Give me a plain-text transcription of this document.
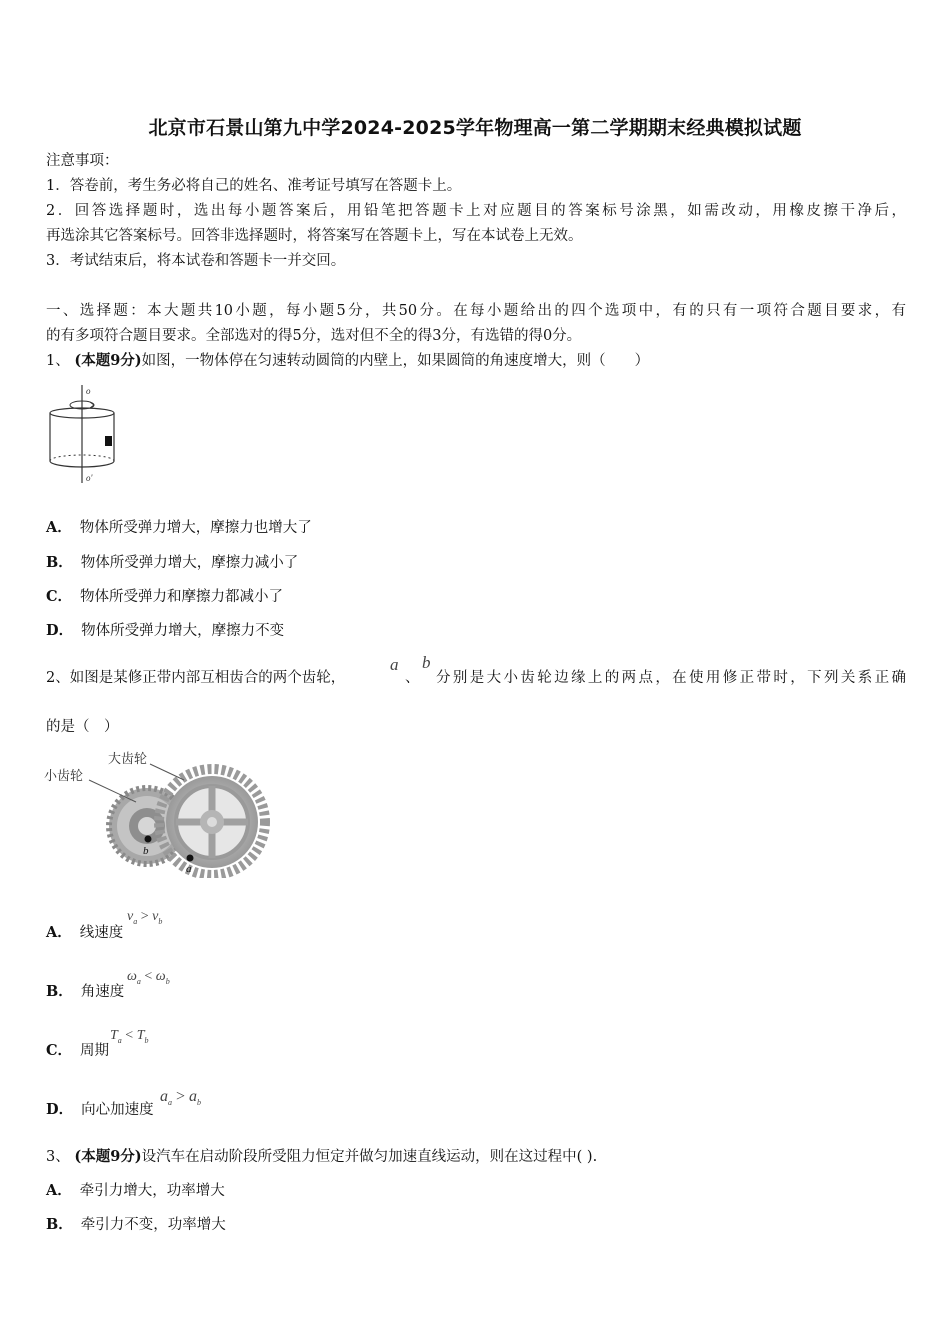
北京市石景山第九中学2024-2025学年物理高一第二学期期末经典模拟试题
注意事项：
1．答卷前，考生务必将自己的姓名、准考证号填写在答题卡上。
2．回答选择题时，选出每小题答案后，用铅笔把答题卡上对应题目的答案标号涂黑，如需改动，用橡皮擦干净后，
再选涂其它答案标号。回答非选择题时，将答案写在答题卡上，写在本试卷上无效。
3．考试结束后，将本试卷和答题卡一并交回。
一、选择题：本大题共10小题，每小题5分，共50分。在每小题给出的四个选项中，有的只有一项符合题目要求，有
的有多项符合题目要求。全部选对的得5分，选对但不全的得3分，有选错的得0分。
1、 (本题9分)如图，一物体停在匀速转动圆筒的内壁上，如果圆筒的角速度增大，则（　　）
o
o'
A． 物体所受弹力增大，摩擦力也增大了
B． 物体所受弹力增大，摩擦力减小了
C． 物体所受弹力和摩擦力都减小了
D． 物体所受弹力增大，摩擦力不变
2、如图是某修正带内部互相齿合的两个齿轮，
a
、
b
分别是大小齿轮边缘上的两点，在使用修正带时，下列关系正确
的是（　）
大齿轮
小齿轮
b
a
A． 线速度
$v_a > v_b$
B． 角速度
$\omega_a < \omega_b$
C． 周期
$T_a < T_b$
D． 向心加速度
$a_a > a_b$
3、 (本题9分)设汽车在启动阶段所受阻力恒定并做匀加速直线运动，则在这过程中( ).
A． 牵引力增大，功率增大
B． 牵引力不变，功率增大
